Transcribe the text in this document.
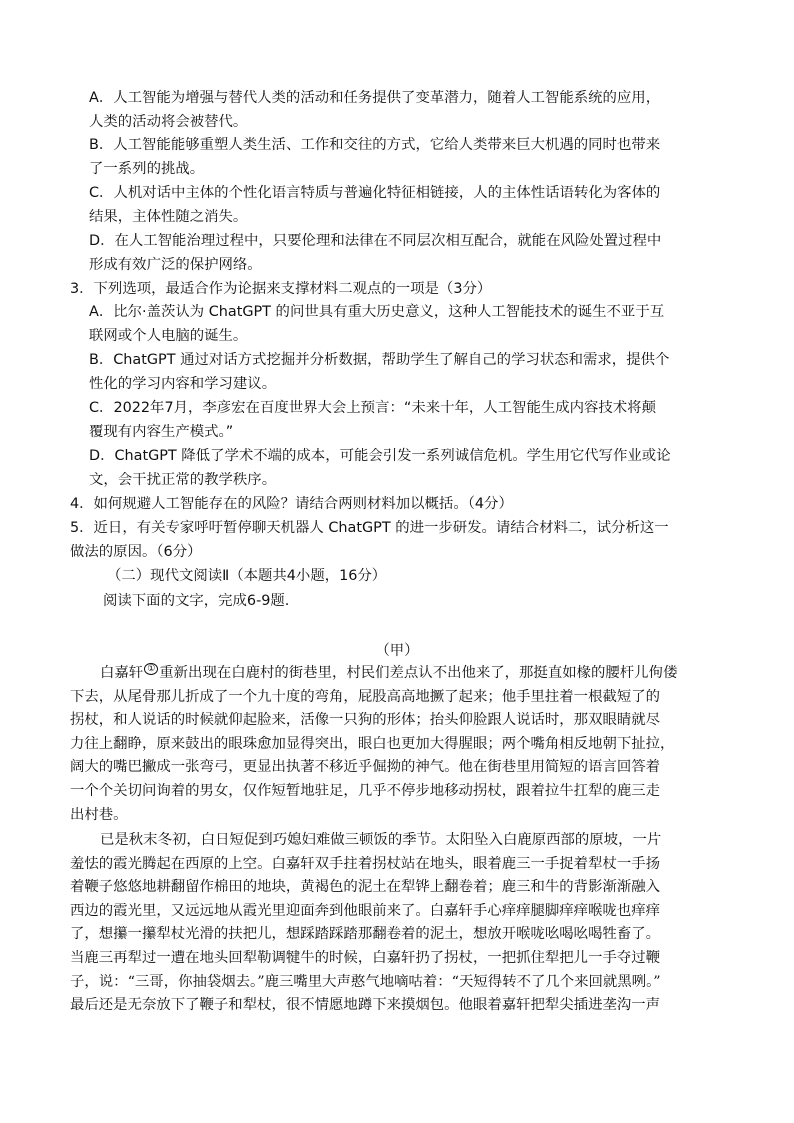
A．人工智能为增强与替代人类的活动和任务提供了变革潜力，随着人工智能系统的应用，
人类的活动将会被替代。
B．人工智能能够重塑人类生活、工作和交往的方式，它给人类带来巨大机遇的同时也带来
了一系列的挑战。
C．人机对话中主体的个性化语言特质与普遍化特征相链接，人的主体性话语转化为客体的
结果，主体性随之消失。
D．在人工智能治理过程中，只要伦理和法律在不同层次相互配合，就能在风险处置过程中
形成有效广泛的保护网络。
3．下列选项，最适合作为论据来支撑材料二观点的一项是（3分）
A．比尔·盖茨认为 ChatGPT 的问世具有重大历史意义，这种人工智能技术的诞生不亚于互
联网或个人电脑的诞生。
B．ChatGPT 通过对话方式挖掘并分析数据，帮助学生了解自己的学习状态和需求，提供个
性化的学习内容和学习建议。
C．2022年7月，李彦宏在百度世界大会上预言：“未来十年，人工智能生成内容技术将颠
覆现有内容生产模式。”
D．ChatGPT 降低了学术不端的成本，可能会引发一系列诚信危机。学生用它代写作业或论
文，会干扰正常的教学秩序。
4．如何规避人工智能存在的风险？请结合两则材料加以概括。（4分）
5．近日，有关专家呼吁暂停聊天机器人 ChatGPT 的进一步研发。请结合材料二，试分析这一
做法的原因。（6分）
（二）现代文阅读Ⅱ（本题共4小题，16分）
阅读下面的文字，完成6-9题.
（甲）
白嘉轩 ① 重新出现在白鹿村的街巷里，村民们差点认不出他来了，那挺直如椽的腰杆儿佝偻
下去，从尾骨那儿折成了一个九十度的弯角，屁股高高地撅了起来；他手里拄着一根截短了的
拐杖，和人说话的时候就仰起脸来，活像一只狗的形体；抬头仰脸跟人说话时，那双眼睛就尽
力往上翻睁，原来鼓出的眼珠愈加显得突出，眼白也更加大得腥眼；两个嘴角相反地朝下扯拉，
阔大的嘴巴撇成一张弯弓，更显出执著不移近乎倔拗的神气。他在街巷里用简短的语言回答着
一个个关切问询着的男女，仅作短暂地驻足，几乎不停步地移动拐杖，跟着拉牛扛犁的鹿三走
出村巷。
已是秋末冬初，白日短促到巧媳妇难做三顿饭的季节。太阳坠入白鹿原西部的原坡，一片
羞怯的霞光腾起在西原的上空。白嘉轩双手拄着拐杖站在地头，眼着鹿三一手捉着犁杖一手扬
着鞭子悠悠地耕翻留作棉田的地块，黄褐色的泥土在犁铧上翻卷着；鹿三和牛的背影渐渐融入
西边的霞光里，又远远地从霞光里迎面奔到他眼前来了。白嘉轩手心痒痒腿脚痒痒喉咙也痒痒
了，想攥一攥犁杖光滑的扶把儿，想踩踏踩踏那翻卷着的泥土，想放开喉咙吆喝吆喝牲畜了。
当鹿三再犁过一遭在地头回犁勒调犍牛的时候，白嘉轩扔了拐杖，一把抓住犁把儿一手夺过鞭
子，说：“三哥，你抽袋烟去。”鹿三嘴里大声憨气地嘀咕着：“天短得转不了几个来回就黑咧。”
最后还是无奈放下了鞭子和犁杖，很不情愿地蹲下来摸烟包。他眼着嘉轩把犁尖插进垄沟一声
